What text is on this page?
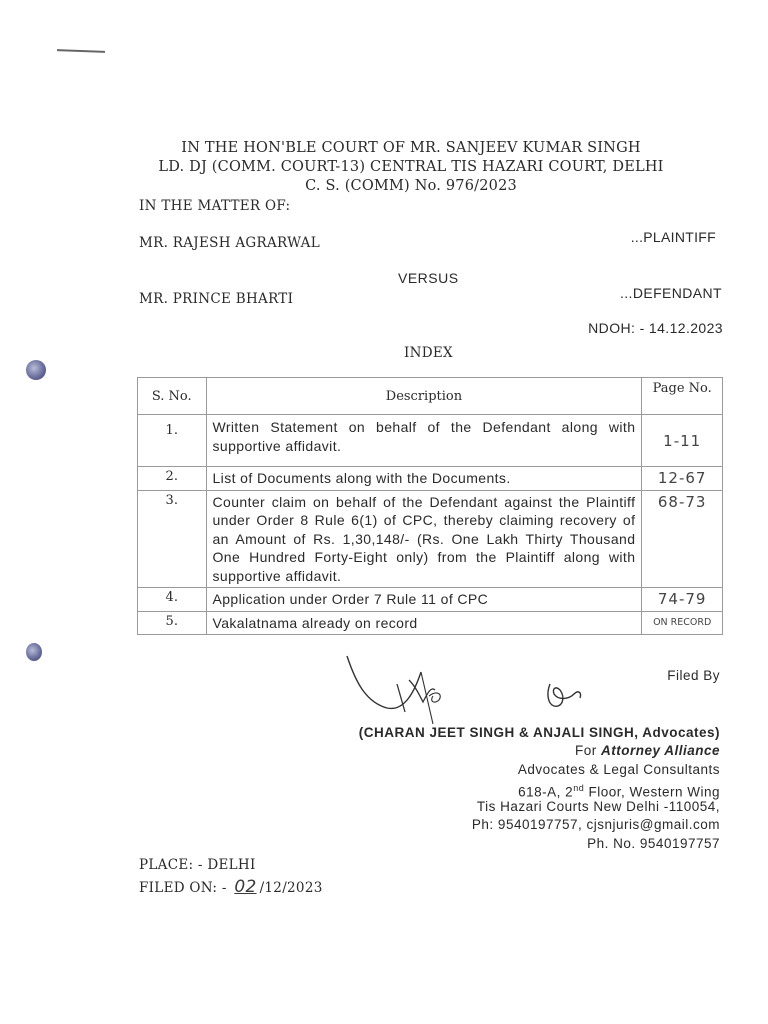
IN THE HON'BLE COURT OF MR. SANJEEV KUMAR SINGH
LD. DJ (COMM. COURT-13) CENTRAL TIS HAZARI COURT, DELHI
C. S. (COMM) No. 976/2023
IN THE MATTER OF:
MR. RAJESH AGRARWAL	...PLAINTIFF
VERSUS
MR. PRINCE BHARTI	...DEFENDANT
NDOH: - 14.12.2023
INDEX
S. No.	Description	Page No.
1.	Written Statement on behalf of the Defendant along with supportive affidavit.	1-11
2.	List of Documents along with the Documents.	12-67
3.	Counter claim on behalf of the Defendant against the Plaintiff under Order 8 Rule 6(1) of CPC, thereby claiming recovery of an Amount of Rs. 1,30,148/- (Rs. One Lakh Thirty Thousand One Hundred Forty-Eight only) from the Plaintiff along with supportive affidavit.	68-73
4.	Application under Order 7 Rule 11 of CPC	74-79
5.	Vakalatnama already on record	ON RECORD
Filed By
(CHARAN JEET SINGH & ANJALI SINGH, Advocates)
For Attorney Alliance
Advocates & Legal Consultants
618-A, 2nd Floor, Western Wing
Tis Hazari Courts New Delhi -110054,
Ph: 9540197757, cjsnjuris@gmail.com
Ph. No. 9540197757
PLACE: - DELHI
FILED ON: - 02 /12/2023
